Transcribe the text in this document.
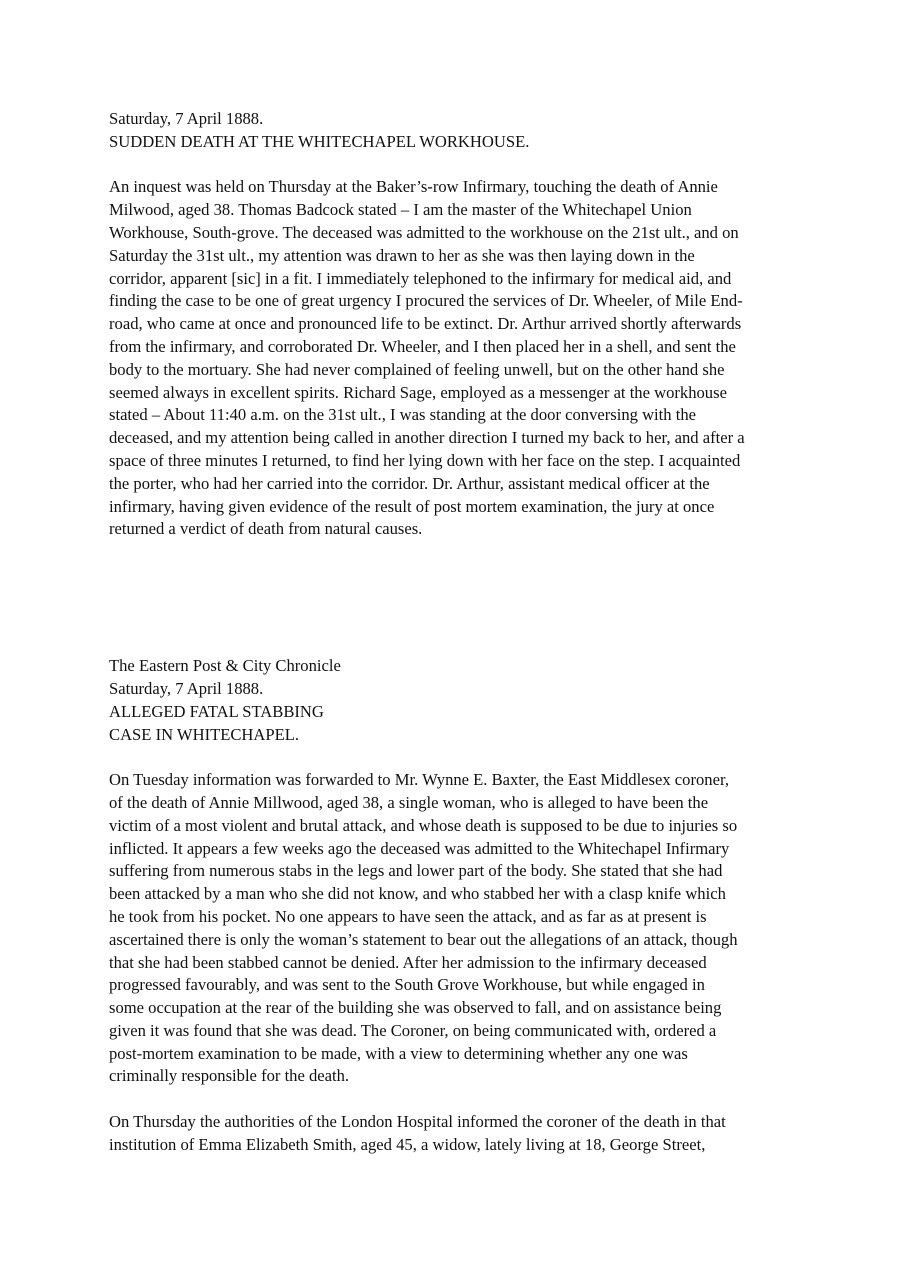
Saturday, 7 April 1888.
SUDDEN DEATH AT THE WHITECHAPEL WORKHOUSE.
An inquest was held on Thursday at the Baker’s-row Infirmary, touching the death of Annie
Milwood, aged 38. Thomas Badcock stated – I am the master of the Whitechapel Union
Workhouse, South-grove. The deceased was admitted to the workhouse on the 21st ult., and on
Saturday the 31st ult., my attention was drawn to her as she was then laying down in the
corridor, apparent [sic] in a fit. I immediately telephoned to the infirmary for medical aid, and
finding the case to be one of great urgency I procured the services of Dr. Wheeler, of Mile End-
road, who came at once and pronounced life to be extinct. Dr. Arthur arrived shortly afterwards
from the infirmary, and corroborated Dr. Wheeler, and I then placed her in a shell, and sent the
body to the mortuary. She had never complained of feeling unwell, but on the other hand she
seemed always in excellent spirits. Richard Sage, employed as a messenger at the workhouse
stated – About 11:40 a.m. on the 31st ult., I was standing at the door conversing with the
deceased, and my attention being called in another direction I turned my back to her, and after a
space of three minutes I returned, to find her lying down with her face on the step. I acquainted
the porter, who had her carried into the corridor. Dr. Arthur, assistant medical officer at the
infirmary, having given evidence of the result of post mortem examination, the jury at once
returned a verdict of death from natural causes.
The Eastern Post & City Chronicle
Saturday, 7 April 1888.
ALLEGED FATAL STABBING
CASE IN WHITECHAPEL.
On Tuesday information was forwarded to Mr. Wynne E. Baxter, the East Middlesex coroner,
of the death of Annie Millwood, aged 38, a single woman, who is alleged to have been the
victim of a most violent and brutal attack, and whose death is supposed to be due to injuries so
inflicted. It appears a few weeks ago the deceased was admitted to the Whitechapel Infirmary
suffering from numerous stabs in the legs and lower part of the body. She stated that she had
been attacked by a man who she did not know, and who stabbed her with a clasp knife which
he took from his pocket. No one appears to have seen the attack, and as far as at present is
ascertained there is only the woman’s statement to bear out the allegations of an attack, though
that she had been stabbed cannot be denied. After her admission to the infirmary deceased
progressed favourably, and was sent to the South Grove Workhouse, but while engaged in
some occupation at the rear of the building she was observed to fall, and on assistance being
given it was found that she was dead. The Coroner, on being communicated with, ordered a
post-mortem examination to be made, with a view to determining whether any one was
criminally responsible for the death.
On Thursday the authorities of the London Hospital informed the coroner of the death in that
institution of Emma Elizabeth Smith, aged 45, a widow, lately living at 18, George Street,
